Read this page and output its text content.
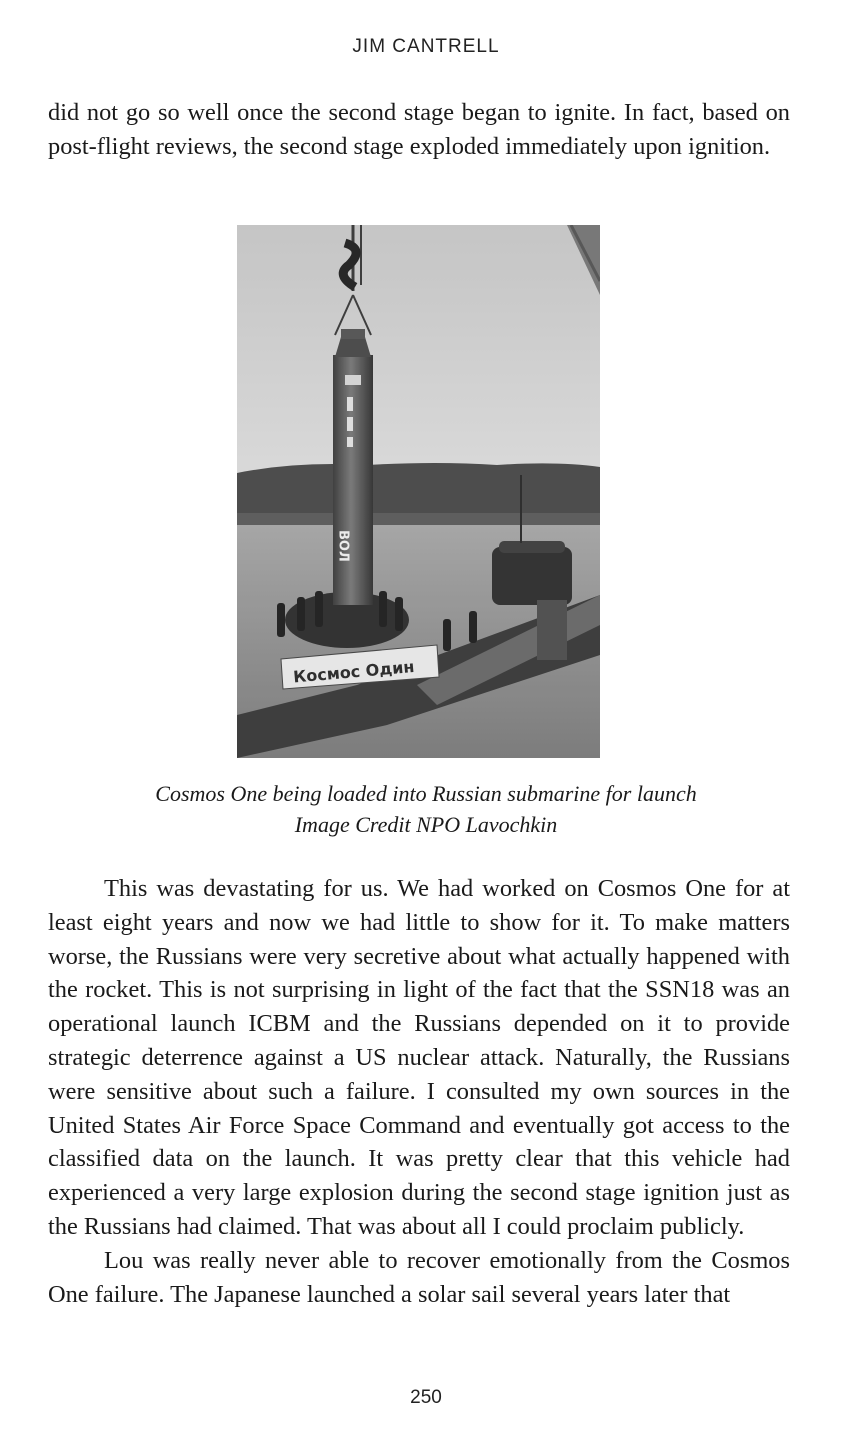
JIM CANTRELL

did not go so well once the second stage began to ignite. In fact, based on post-flight reviews, the second stage exploded immediately upon ignition.

ВОЛ
Космос Один
Cosmos One being loaded into Russian submarine for launch
Image Credit NPO Lavochkin

This was devastating for us. We had worked on Cosmos One for at least eight years and now we had little to show for it. To make matters worse, the Russians were very secretive about what actually happened with the rocket. This is not surprising in light of the fact that the SSN18 was an operational launch ICBM and the Russians depended on it to provide strategic deterrence against a US nuclear attack. Naturally, the Russians were sensitive about such a failure. I consulted my own sources in the United States Air Force Space Command and eventually got access to the classified data on the launch. It was pretty clear that this vehicle had experienced a very large explosion during the second stage ignition just as the Russians had claimed. That was about all I could proclaim publicly.

Lou was really never able to recover emotionally from the Cosmos One failure. The Japanese launched a solar sail several years later that

250
